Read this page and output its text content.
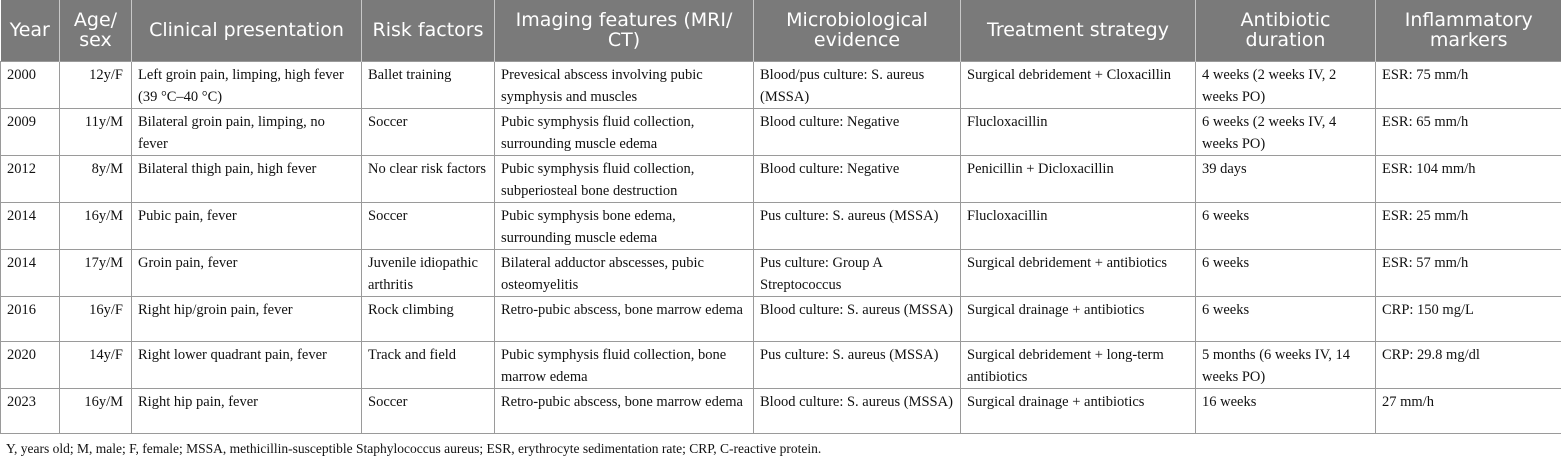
Year	Age/ sex	Clinical presentation	Risk factors	Imaging features (MRI/ CT)	Microbiological evidence	Treatment strategy	Antibiotic duration	Inflammatory markers
2000	12y/F	Left groin pain, limping, high fever (39 °C–40 °C)	Ballet training	Prevesical abscess involving pubic symphysis and muscles	Blood/pus culture: S. aureus (MSSA)	Surgical debridement + Cloxacillin	4 weeks (2 weeks IV, 2 weeks PO)	ESR: 75 mm/h
2009	11y/M	Bilateral groin pain, limping, no fever	Soccer	Pubic symphysis fluid collection, surrounding muscle edema	Blood culture: Negative	Flucloxacillin	6 weeks (2 weeks IV, 4 weeks PO)	ESR: 65 mm/h
2012	8y/M	Bilateral thigh pain, high fever	No clear risk factors	Pubic symphysis fluid collection, subperiosteal bone destruction	Blood culture: Negative	Penicillin + Dicloxacillin	39 days	ESR: 104 mm/h
2014	16y/M	Pubic pain, fever	Soccer	Pubic symphysis bone edema, surrounding muscle edema	Pus culture: S. aureus (MSSA)	Flucloxacillin	6 weeks	ESR: 25 mm/h
2014	17y/M	Groin pain, fever	Juvenile idiopathic arthritis	Bilateral adductor abscesses, pubic osteomyelitis	Pus culture: Group A Streptococcus	Surgical debridement + antibiotics	6 weeks	ESR: 57 mm/h
2016	16y/F	Right hip/groin pain, fever	Rock climbing	Retro-pubic abscess, bone marrow edema	Blood culture: S. aureus (MSSA)	Surgical drainage + antibiotics	6 weeks	CRP: 150 mg/L
2020	14y/F	Right lower quadrant pain, fever	Track and field	Pubic symphysis fluid collection, bone marrow edema	Pus culture: S. aureus (MSSA)	Surgical debridement + long-term antibiotics	5 months (6 weeks IV, 14 weeks PO)	CRP: 29.8 mg/dl
2023	16y/M	Right hip pain, fever	Soccer	Retro-pubic abscess, bone marrow edema	Blood culture: S. aureus (MSSA)	Surgical drainage + antibiotics	16 weeks	27 mm/h
Y, years old; M, male; F, female; MSSA, methicillin-susceptible Staphylococcus aureus; ESR, erythrocyte sedimentation rate; CRP, C-reactive protein.
